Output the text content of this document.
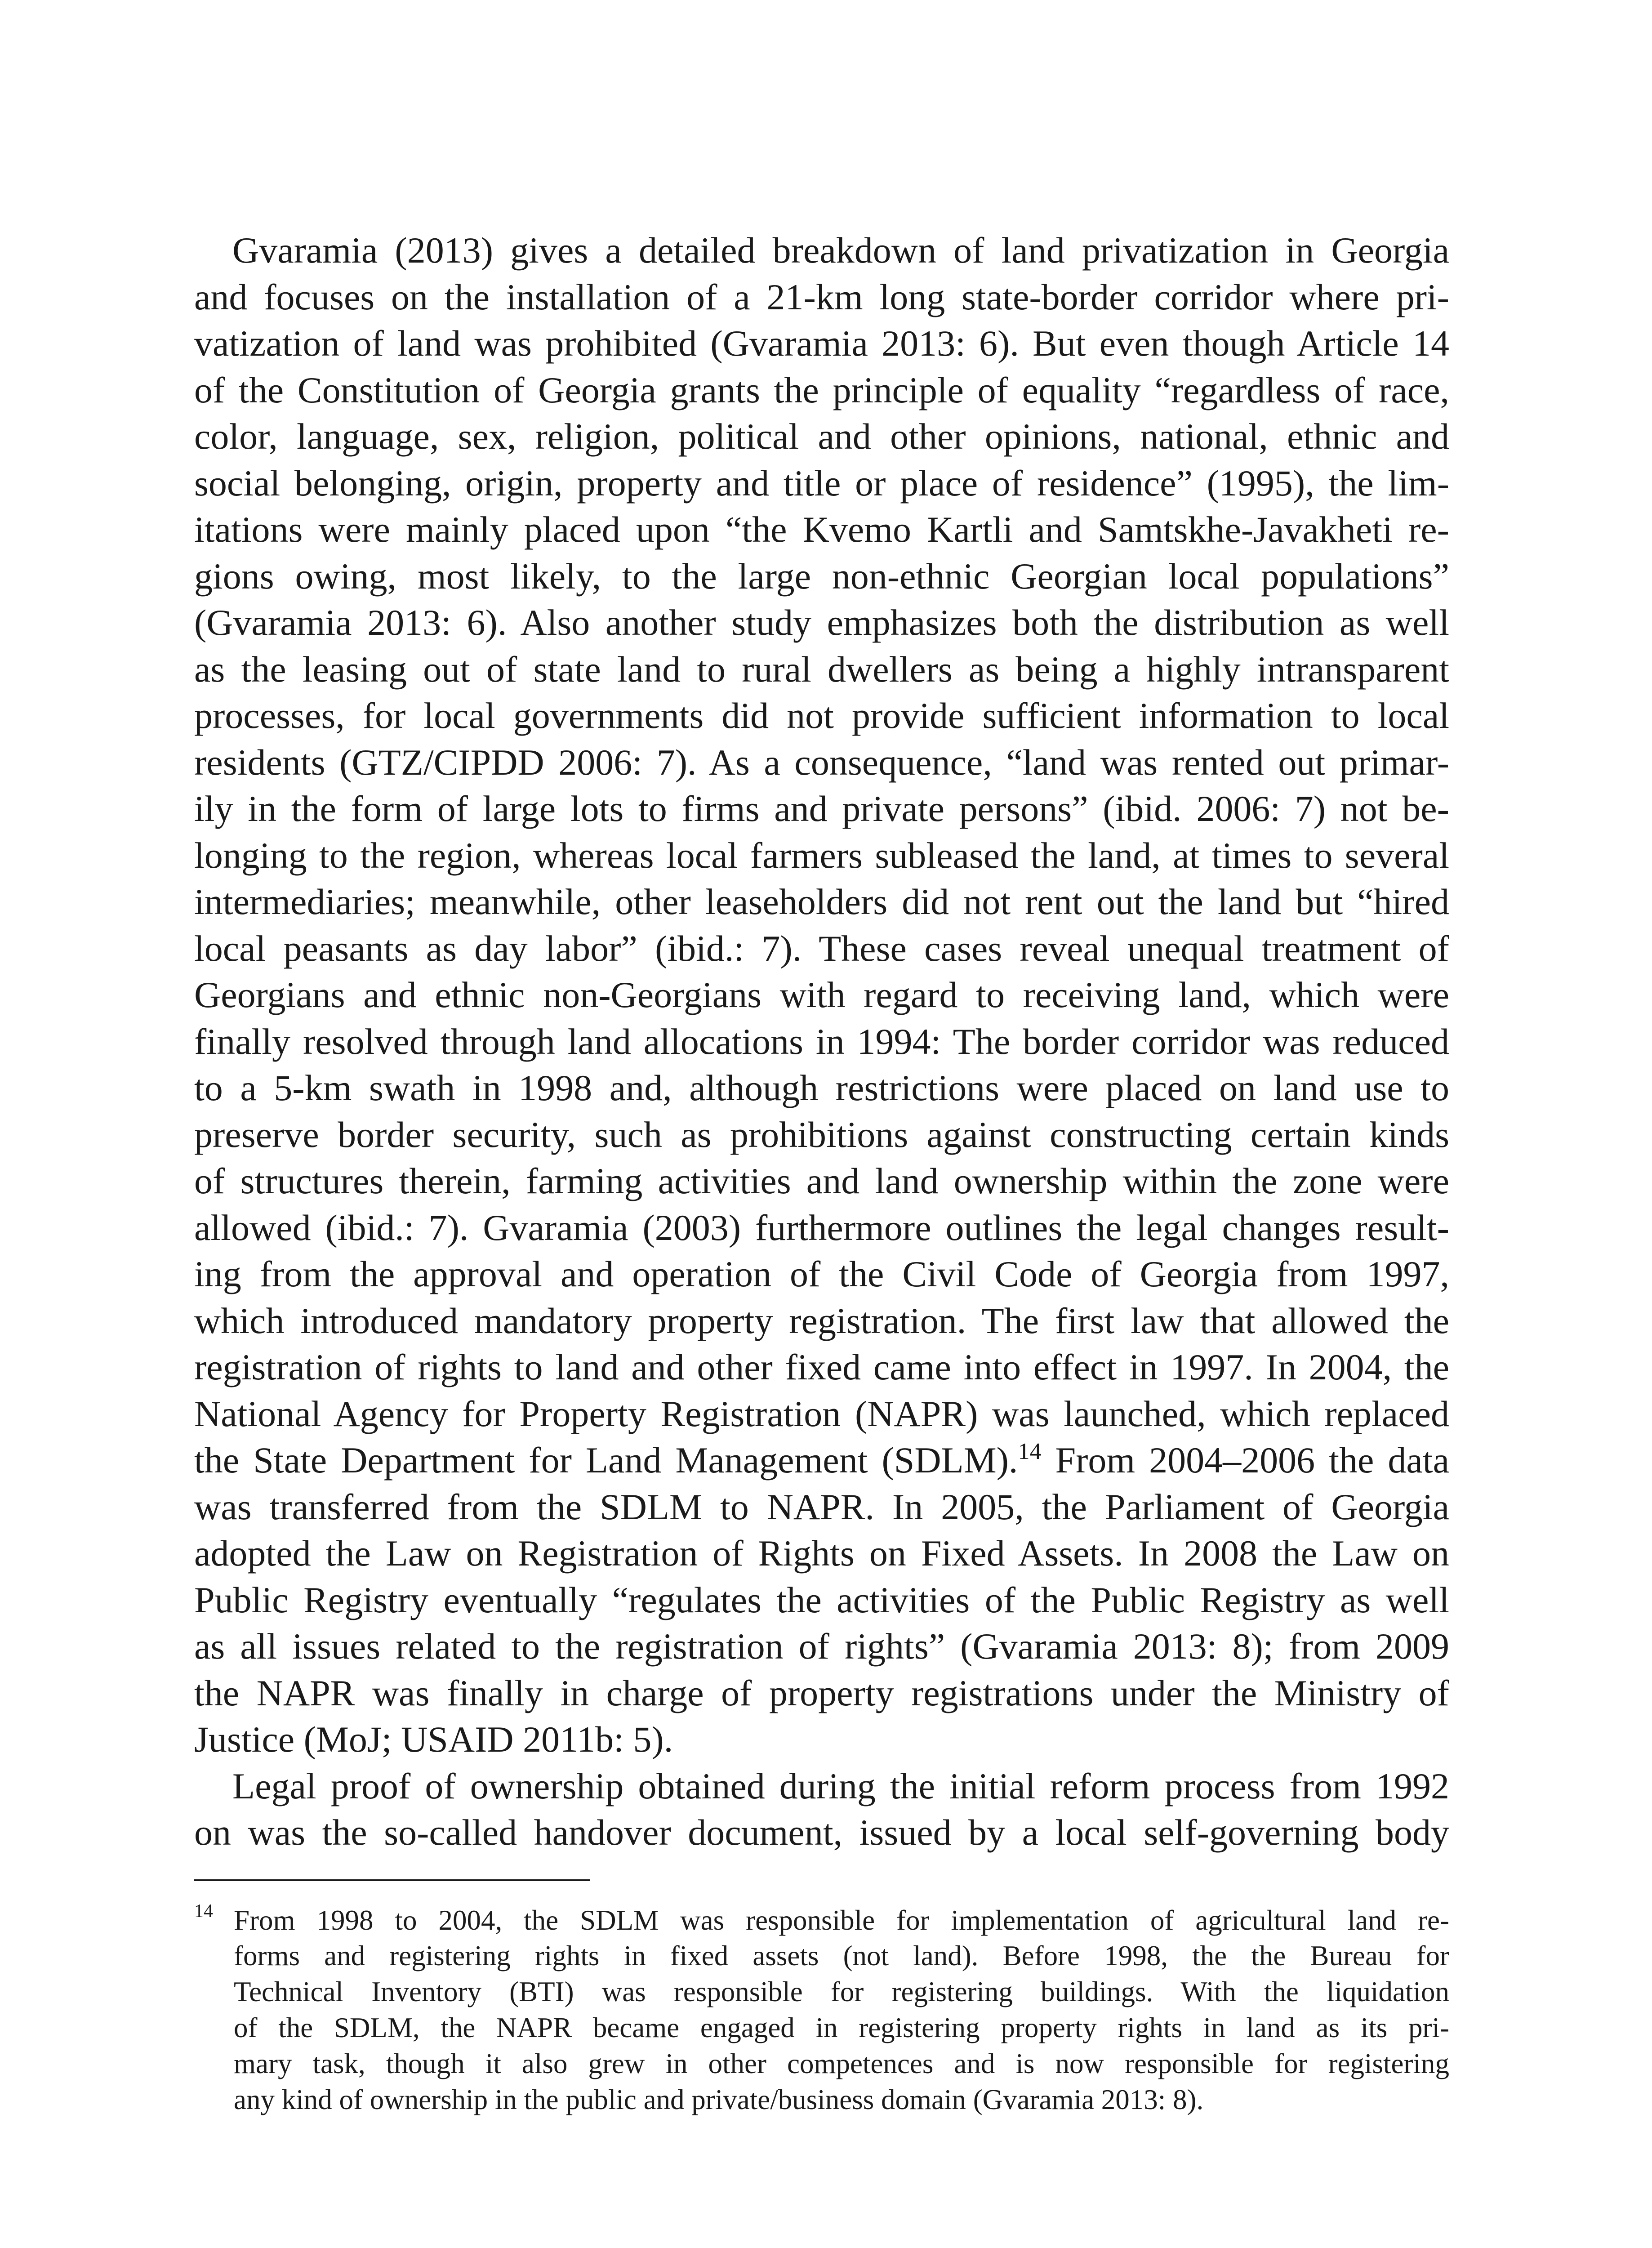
Gvaramia (2013) gives a detailed breakdown of land privatization in Georgia
and focuses on the installation of a 21-km long state-border corridor where pri-
vatization of land was prohibited (Gvaramia 2013: 6). But even though Article 14
of the Constitution of Georgia grants the principle of equality “regardless of race,
color, language, sex, religion, political and other opinions, national, ethnic and
social belonging, origin, property and title or place of residence” (1995), the lim-
itations were mainly placed upon “the Kvemo Kartli and Samtskhe-Javakheti re-
gions owing, most likely, to the large non-ethnic Georgian local populations”
(Gvaramia 2013: 6). Also another study emphasizes both the distribution as well
as the leasing out of state land to rural dwellers as being a highly intransparent
processes, for local governments did not provide sufficient information to local
residents (GTZ/CIPDD 2006: 7). As a consequence, “land was rented out primar-
ily in the form of large lots to firms and private persons” (ibid. 2006: 7) not be-
longing to the region, whereas local farmers subleased the land, at times to several
intermediaries; meanwhile, other leaseholders did not rent out the land but “hired
local peasants as day labor” (ibid.: 7). These cases reveal unequal treatment of
Georgians and ethnic non-Georgians with regard to receiving land, which were
finally resolved through land allocations in 1994: The border corridor was reduced
to a 5-km swath in 1998 and, although restrictions were placed on land use to
preserve border security, such as prohibitions against constructing certain kinds
of structures therein, farming activities and land ownership within the zone were
allowed (ibid.: 7). Gvaramia (2003) furthermore outlines the legal changes result-
ing from the approval and operation of the Civil Code of Georgia from 1997,
which introduced mandatory property registration. The first law that allowed the
registration of rights to land and other fixed came into effect in 1997. In 2004, the
National Agency for Property Registration (NAPR) was launched, which replaced
the State Department for Land Management (SDLM).$^{14}$ From 2004–2006 the data
was transferred from the SDLM to NAPR. In 2005, the Parliament of Georgia
adopted the Law on Registration of Rights on Fixed Assets. In 2008 the Law on
Public Registry eventually “regulates the activities of the Public Registry as well
as all issues related to the registration of rights” (Gvaramia 2013: 8); from 2009
the NAPR was finally in charge of property registrations under the Ministry of
Justice (MoJ; USAID 2011b: 5).
Legal proof of ownership obtained during the initial reform process from 1992
on was the so-called handover document, issued by a local self-governing body
14 From 1998 to 2004, the SDLM was responsible for implementation of agricultural land re-
forms and registering rights in fixed assets (not land). Before 1998, the the Bureau for
Technical Inventory (BTI) was responsible for registering buildings. With the liquidation
of the SDLM, the NAPR became engaged in registering property rights in land as its pri-
mary task, though it also grew in other competences and is now responsible for registering
any kind of ownership in the public and private/business domain (Gvaramia 2013: 8).
